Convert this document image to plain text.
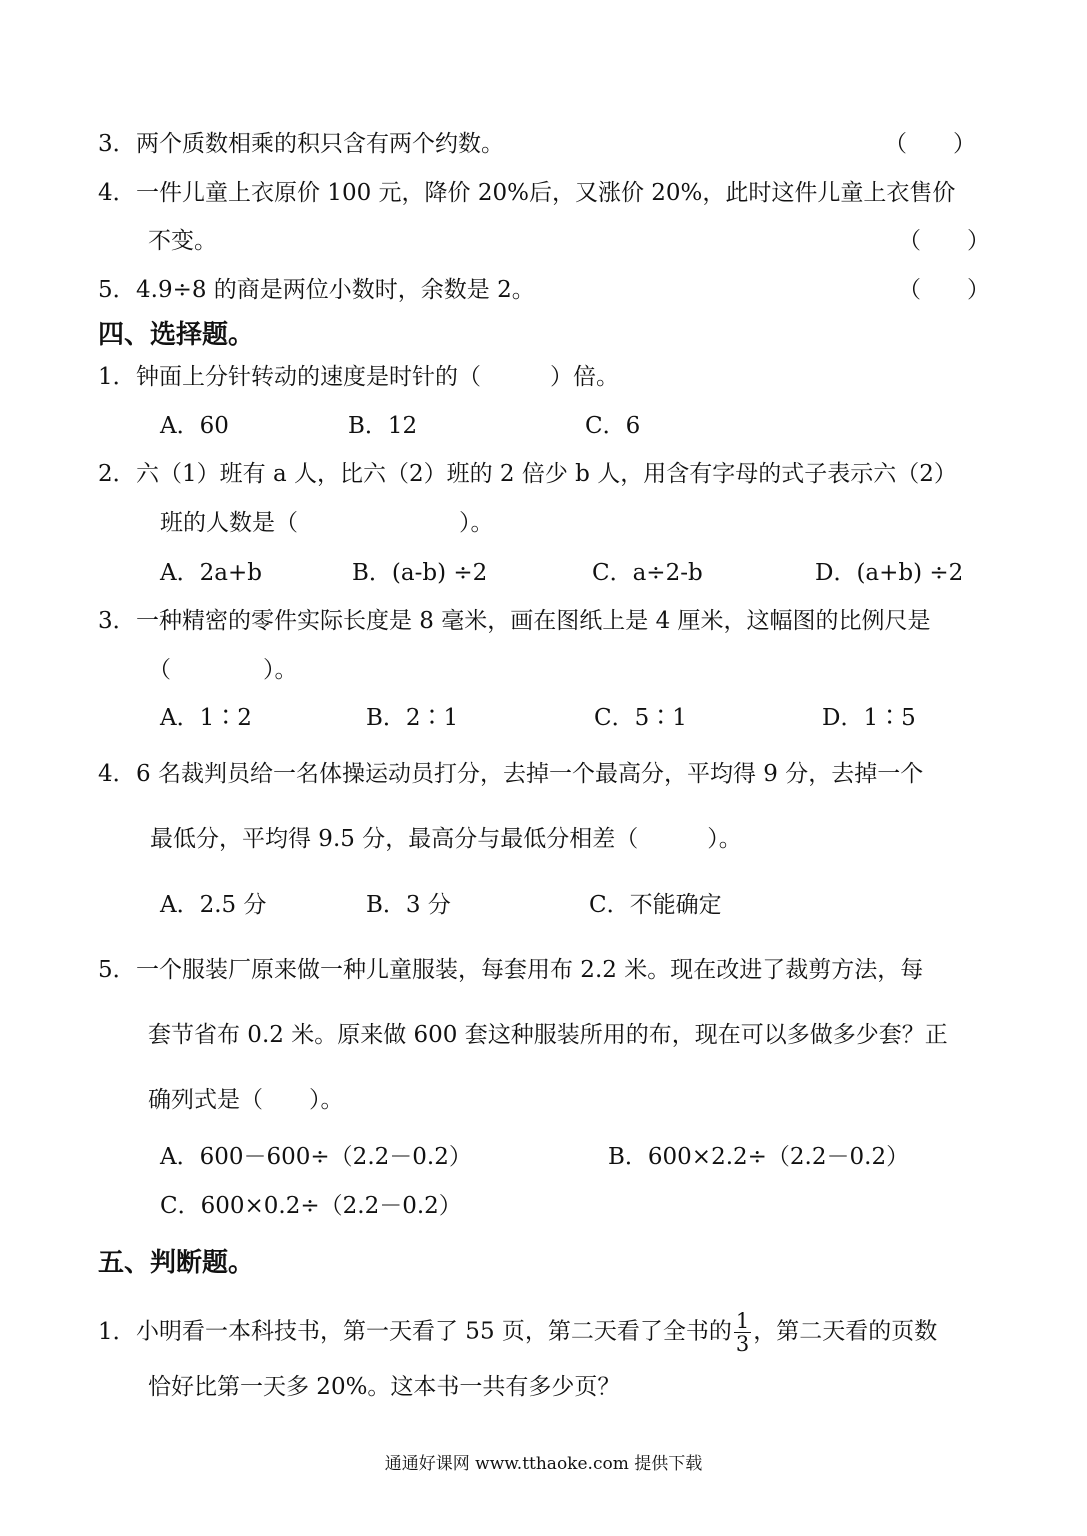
3．两个质数相乘的积只含有两个约数。	（　　）
4．一件儿童上衣原价 100 元，降价 20%后，又涨价 20%，此时这件儿童上衣售价
不变。	（　　）
5．4.9÷8 的商是两位小数时，余数是 2。	（　　）
四、选择题。
1．钟面上分针转动的速度是时针的（　　　）倍。
A．60	B．12	C．6
2．六（1）班有 a 人，比六（2）班的 2 倍少 b 人，用含有字母的式子表示六（2）
班的人数是（　　　　　　　）。
A．2a+b	B．(a-b) ÷2	C．a÷2-b	D．(a+b) ÷2
3．一种精密的零件实际长度是 8 毫米，画在图纸上是 4 厘米，这幅图的比例尺是
（　　　　）。
A．1∶2	B．2∶1	C．5∶1	D．1∶5
4．6 名裁判员给一名体操运动员打分，去掉一个最高分，平均得 9 分，去掉一个
最低分，平均得 9.5 分，最高分与最低分相差（　　　）。
A．2.5 分	B．3 分	C．不能确定
5．一个服装厂原来做一种儿童服装，每套用布 2.2 米。现在改进了裁剪方法，每
套节省布 0.2 米。原来做 600 套这种服装所用的布，现在可以多做多少套？正
确列式是（　　）。
A．600－600÷（2.2－0.2）	B．600×2.2÷（2.2－0.2）
C．600×0.2÷（2.2－0.2）
五、判断题。
1．小明看一本科技书，第一天看了 55 页，第二天看了全书的 $\frac{1}{3}$ ，第二天看的页数
恰好比第一天多 20%。这本书一共有多少页？
通通好课网 www.tthaoke.com 提供下载
